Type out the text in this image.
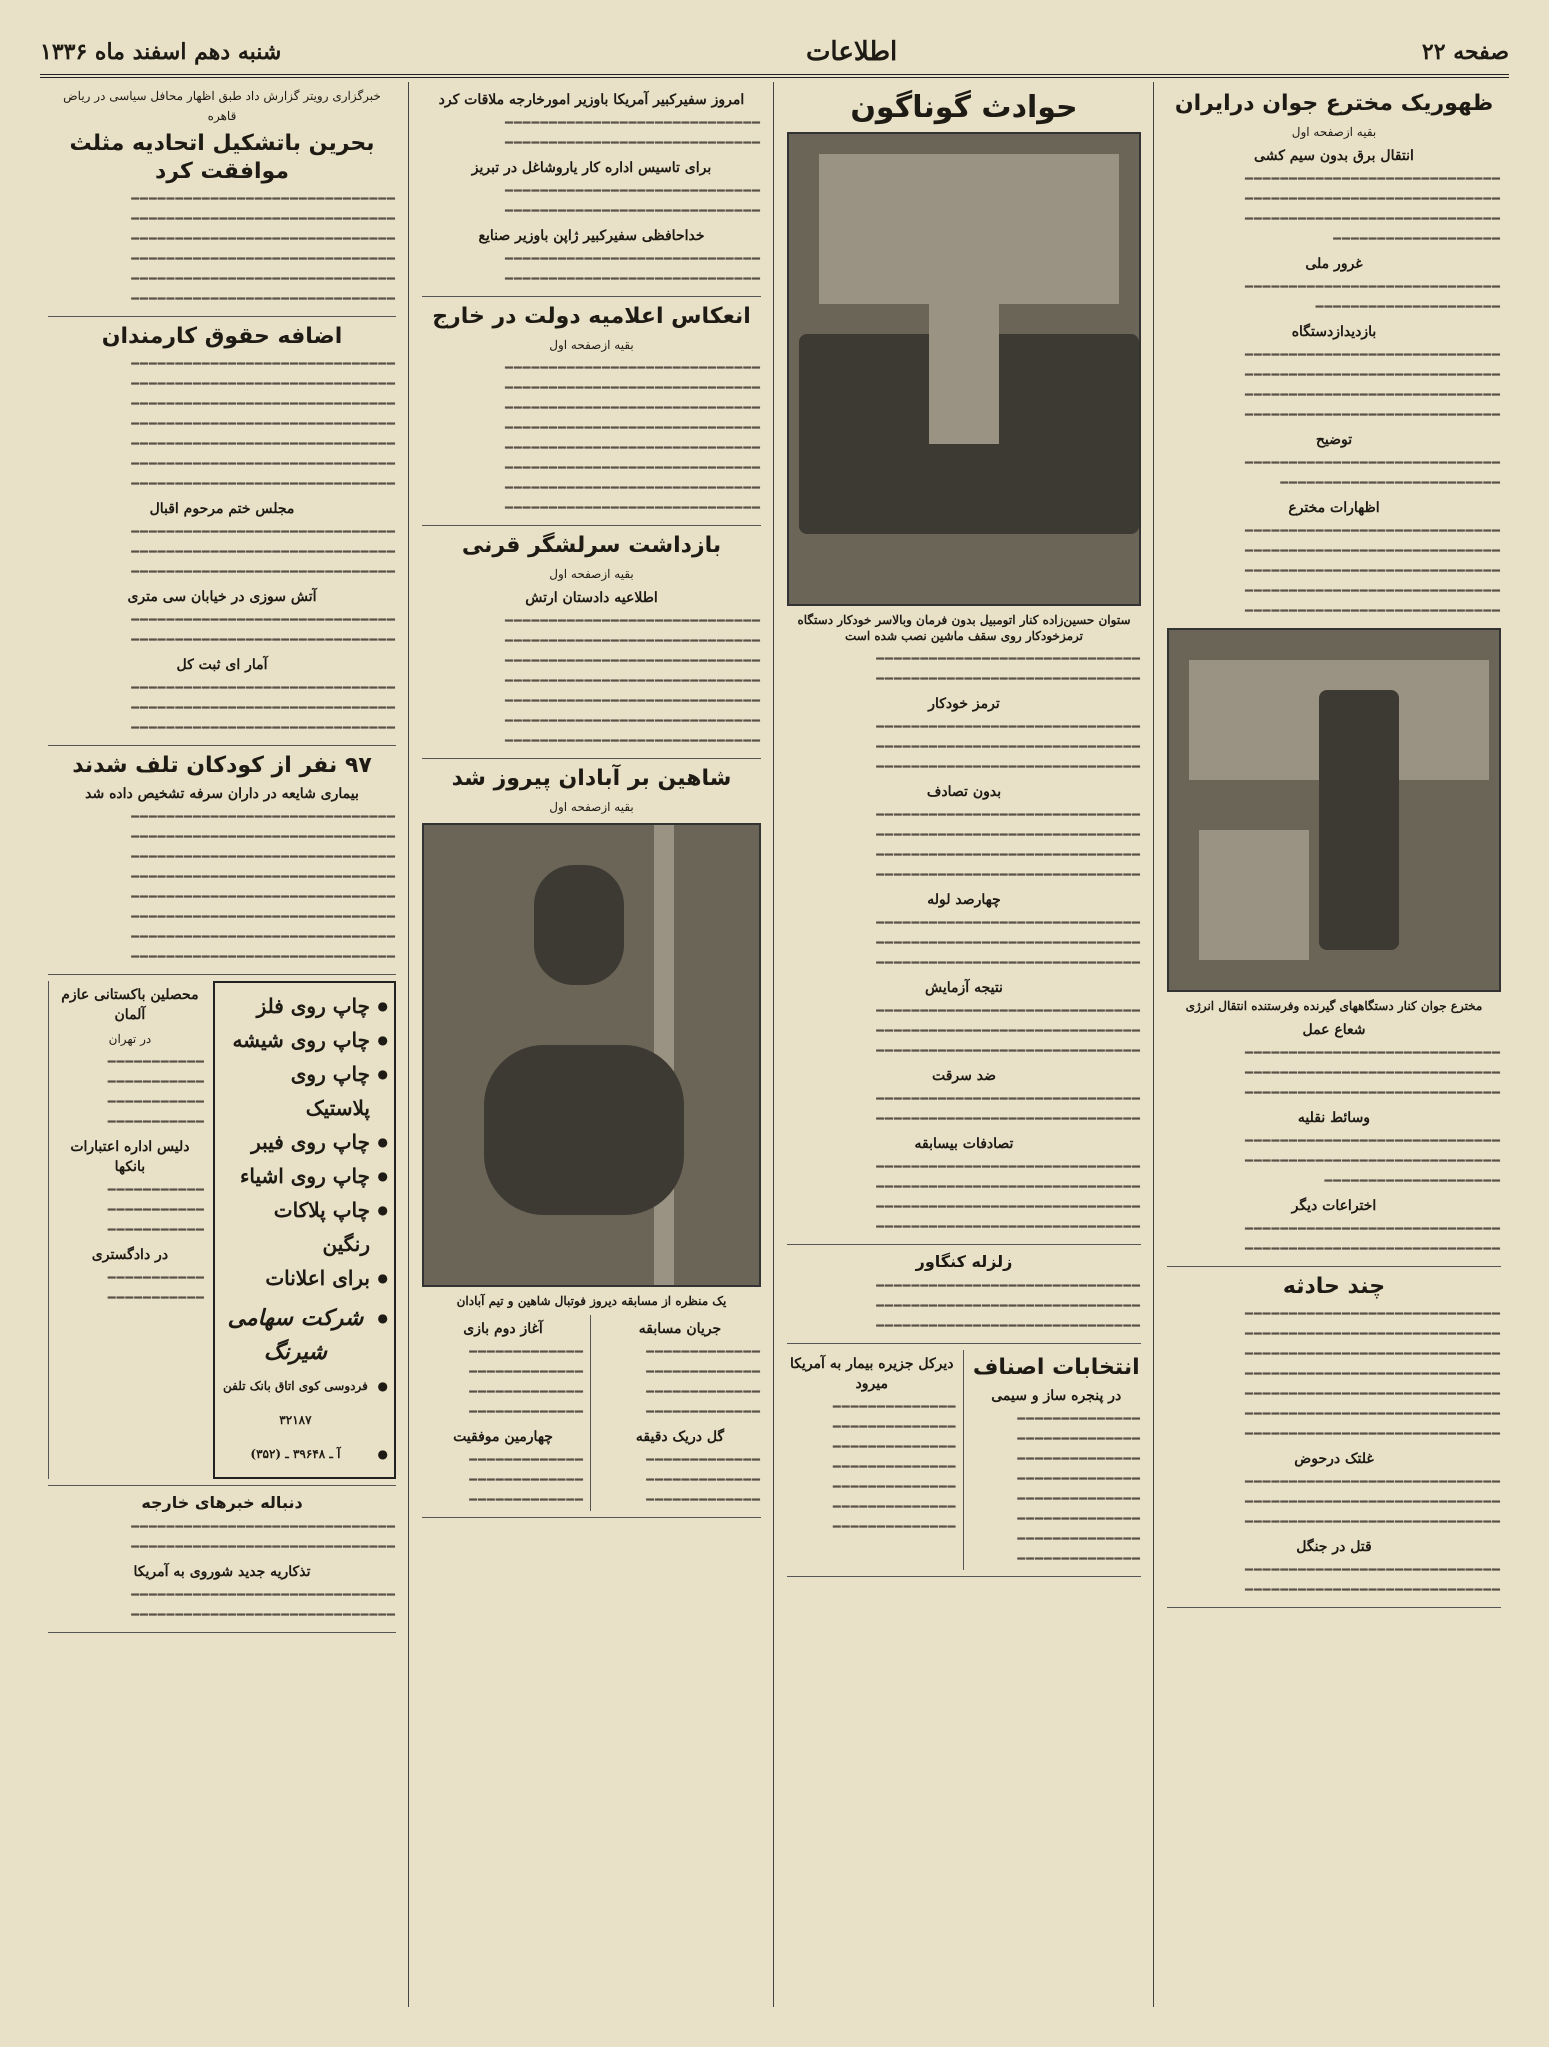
صفحه ۲۲
اطلاعات
شنبه دهم اسفند ماه ۱۳۳۶
ظهوریک مخترع جوان درایران
بقیه ازصفحه اول
انتقال برق بدون سیم کشی
━━━━━━━━━━━━━━━━━━━━━━━━━━━━━
━━━━━━━━━━━━━━━━━━━━━━━━━━━━━
━━━━━━━━━━━━━━━━━━━━━━━━━━━━━
━━━━━━━━━━━━━━━━━━━
غرور ملی
━━━━━━━━━━━━━━━━━━━━━━━━━━━━━
━━━━━━━━━━━━━━━━━━━━━
بازدیدازدستگاه
━━━━━━━━━━━━━━━━━━━━━━━━━━━━━
━━━━━━━━━━━━━━━━━━━━━━━━━━━━━
━━━━━━━━━━━━━━━━━━━━━━━━━━━━━
━━━━━━━━━━━━━━━━━━━━━━━━━━━━━
توضیح
━━━━━━━━━━━━━━━━━━━━━━━━━━━━━
━━━━━━━━━━━━━━━━━━━━━━━━━
اظهارات مخترع
━━━━━━━━━━━━━━━━━━━━━━━━━━━━━
━━━━━━━━━━━━━━━━━━━━━━━━━━━━━
━━━━━━━━━━━━━━━━━━━━━━━━━━━━━
━━━━━━━━━━━━━━━━━━━━━━━━━━━━━
━━━━━━━━━━━━━━━━━━━━━━━━━━━━━
مخترع جوان کنار دستگاههای گیرنده وفرستنده انتقال انرژی
شعاع عمل
━━━━━━━━━━━━━━━━━━━━━━━━━━━━━
━━━━━━━━━━━━━━━━━━━━━━━━━━━━━
━━━━━━━━━━━━━━━━━━━━━━━━━━━━━
وسائط نقلیه
━━━━━━━━━━━━━━━━━━━━━━━━━━━━━
━━━━━━━━━━━━━━━━━━━━━━━━━━━━━
━━━━━━━━━━━━━━━━━━━━
اختراعات دیگر
━━━━━━━━━━━━━━━━━━━━━━━━━━━━━
━━━━━━━━━━━━━━━━━━━━━━━━━━━━━
چند حادثه
━━━━━━━━━━━━━━━━━━━━━━━━━━━━━
━━━━━━━━━━━━━━━━━━━━━━━━━━━━━
━━━━━━━━━━━━━━━━━━━━━━━━━━━━━
━━━━━━━━━━━━━━━━━━━━━━━━━━━━━
━━━━━━━━━━━━━━━━━━━━━━━━━━━━━
━━━━━━━━━━━━━━━━━━━━━━━━━━━━━
━━━━━━━━━━━━━━━━━━━━━━━━━━━━━
غلتک درحوض
━━━━━━━━━━━━━━━━━━━━━━━━━━━━━
━━━━━━━━━━━━━━━━━━━━━━━━━━━━━
━━━━━━━━━━━━━━━━━━━━━━━━━━━━━
قتل در جنگل
━━━━━━━━━━━━━━━━━━━━━━━━━━━━━
━━━━━━━━━━━━━━━━━━━━━━━━━━━━━
حوادث گوناگون
ستوان حسین‌زاده کنار اتومبیل بدون فرمان وبالاسر خودکار دستگاه ترمزخودکار روی سقف ماشین نصب شده است
━━━━━━━━━━━━━━━━━━━━━━━━━━━━━━
━━━━━━━━━━━━━━━━━━━━━━━━━━━━━━
ترمز خودکار
━━━━━━━━━━━━━━━━━━━━━━━━━━━━━━
━━━━━━━━━━━━━━━━━━━━━━━━━━━━━━
━━━━━━━━━━━━━━━━━━━━━━━━━━━━━━
بدون تصادف
━━━━━━━━━━━━━━━━━━━━━━━━━━━━━━
━━━━━━━━━━━━━━━━━━━━━━━━━━━━━━
━━━━━━━━━━━━━━━━━━━━━━━━━━━━━━
━━━━━━━━━━━━━━━━━━━━━━━━━━━━━━
چهارصد لوله
━━━━━━━━━━━━━━━━━━━━━━━━━━━━━━
━━━━━━━━━━━━━━━━━━━━━━━━━━━━━━
━━━━━━━━━━━━━━━━━━━━━━━━━━━━━━
نتیجه آزمایش
━━━━━━━━━━━━━━━━━━━━━━━━━━━━━━
━━━━━━━━━━━━━━━━━━━━━━━━━━━━━━
━━━━━━━━━━━━━━━━━━━━━━━━━━━━━━
ضد سرقت
━━━━━━━━━━━━━━━━━━━━━━━━━━━━━━
━━━━━━━━━━━━━━━━━━━━━━━━━━━━━━
تصادفات بیسابقه
━━━━━━━━━━━━━━━━━━━━━━━━━━━━━━
━━━━━━━━━━━━━━━━━━━━━━━━━━━━━━
━━━━━━━━━━━━━━━━━━━━━━━━━━━━━━
━━━━━━━━━━━━━━━━━━━━━━━━━━━━━━
زلزله کنگاور
━━━━━━━━━━━━━━━━━━━━━━━━━━━━━━
━━━━━━━━━━━━━━━━━━━━━━━━━━━━━━
━━━━━━━━━━━━━━━━━━━━━━━━━━━━━━
انتخابات اصناف
در پنجره ساز و سیمی
━━━━━━━━━━━━━━
━━━━━━━━━━━━━━
━━━━━━━━━━━━━━
━━━━━━━━━━━━━━
━━━━━━━━━━━━━━
━━━━━━━━━━━━━━
━━━━━━━━━━━━━━
━━━━━━━━━━━━━━
دیرکل جزیره بیمار به آمریکا میرود
━━━━━━━━━━━━━━
━━━━━━━━━━━━━━
━━━━━━━━━━━━━━
━━━━━━━━━━━━━━
━━━━━━━━━━━━━━
━━━━━━━━━━━━━━
━━━━━━━━━━━━━━
امروز سفیرکبیر آمریکا باوزیر امورخارجه ملاقات کرد
━━━━━━━━━━━━━━━━━━━━━━━━━━━━━
━━━━━━━━━━━━━━━━━━━━━━━━━━━━━
برای تاسیس اداره کار یاروشاغل در تبریز
━━━━━━━━━━━━━━━━━━━━━━━━━━━━━
━━━━━━━━━━━━━━━━━━━━━━━━━━━━━
خداحافظی سفیرکبیر ژاپن باوزیر صنایع
━━━━━━━━━━━━━━━━━━━━━━━━━━━━━
━━━━━━━━━━━━━━━━━━━━━━━━━━━━━
انعکاس اعلامیه دولت در خارج
بقیه ازصفحه اول
━━━━━━━━━━━━━━━━━━━━━━━━━━━━━
━━━━━━━━━━━━━━━━━━━━━━━━━━━━━
━━━━━━━━━━━━━━━━━━━━━━━━━━━━━
━━━━━━━━━━━━━━━━━━━━━━━━━━━━━
━━━━━━━━━━━━━━━━━━━━━━━━━━━━━
━━━━━━━━━━━━━━━━━━━━━━━━━━━━━
━━━━━━━━━━━━━━━━━━━━━━━━━━━━━
━━━━━━━━━━━━━━━━━━━━━━━━━━━━━
بازداشت سرلشگر قرنی
بقیه ازصفحه اول
اطلاعیه دادستان ارتش
━━━━━━━━━━━━━━━━━━━━━━━━━━━━━
━━━━━━━━━━━━━━━━━━━━━━━━━━━━━
━━━━━━━━━━━━━━━━━━━━━━━━━━━━━
━━━━━━━━━━━━━━━━━━━━━━━━━━━━━
━━━━━━━━━━━━━━━━━━━━━━━━━━━━━
━━━━━━━━━━━━━━━━━━━━━━━━━━━━━
━━━━━━━━━━━━━━━━━━━━━━━━━━━━━
شاهین بر آبادان پیروز شد
بقیه ازصفحه اول
یک منظره از مسابقه دیروز فوتبال شاهین و تیم آبادان
جریان مسابقه
━━━━━━━━━━━━━
━━━━━━━━━━━━━
━━━━━━━━━━━━━
━━━━━━━━━━━━━
گل دریک دقیقه
━━━━━━━━━━━━━
━━━━━━━━━━━━━
━━━━━━━━━━━━━
آغاز دوم بازی
━━━━━━━━━━━━━
━━━━━━━━━━━━━
━━━━━━━━━━━━━
━━━━━━━━━━━━━
چهارمین موفقیت
━━━━━━━━━━━━━
━━━━━━━━━━━━━
━━━━━━━━━━━━━
خبرگزاری رویتر گزارش داد طبق اظهار محافل سیاسی در ریاض قاهره
بحرین باتشکیل اتحادیه مثلث موافقت کرد
━━━━━━━━━━━━━━━━━━━━━━━━━━━━━━
━━━━━━━━━━━━━━━━━━━━━━━━━━━━━━
━━━━━━━━━━━━━━━━━━━━━━━━━━━━━━
━━━━━━━━━━━━━━━━━━━━━━━━━━━━━━
━━━━━━━━━━━━━━━━━━━━━━━━━━━━━━
━━━━━━━━━━━━━━━━━━━━━━━━━━━━━━
اضافه حقوق کارمندان
━━━━━━━━━━━━━━━━━━━━━━━━━━━━━━
━━━━━━━━━━━━━━━━━━━━━━━━━━━━━━
━━━━━━━━━━━━━━━━━━━━━━━━━━━━━━
━━━━━━━━━━━━━━━━━━━━━━━━━━━━━━
━━━━━━━━━━━━━━━━━━━━━━━━━━━━━━
━━━━━━━━━━━━━━━━━━━━━━━━━━━━━━
━━━━━━━━━━━━━━━━━━━━━━━━━━━━━━
مجلس ختم مرحوم اقبال
━━━━━━━━━━━━━━━━━━━━━━━━━━━━━━
━━━━━━━━━━━━━━━━━━━━━━━━━━━━━━
━━━━━━━━━━━━━━━━━━━━━━━━━━━━━━
آتش سوزی در خیابان سی متری
━━━━━━━━━━━━━━━━━━━━━━━━━━━━━━
━━━━━━━━━━━━━━━━━━━━━━━━━━━━━━
آمار ای ثبت کل
━━━━━━━━━━━━━━━━━━━━━━━━━━━━━━
━━━━━━━━━━━━━━━━━━━━━━━━━━━━━━
━━━━━━━━━━━━━━━━━━━━━━━━━━━━━━
۹۷ نفر از کودکان تلف شدند
بیماری شایعه در داران سرفه تشخیص داده شد
━━━━━━━━━━━━━━━━━━━━━━━━━━━━━━
━━━━━━━━━━━━━━━━━━━━━━━━━━━━━━
━━━━━━━━━━━━━━━━━━━━━━━━━━━━━━
━━━━━━━━━━━━━━━━━━━━━━━━━━━━━━
━━━━━━━━━━━━━━━━━━━━━━━━━━━━━━
━━━━━━━━━━━━━━━━━━━━━━━━━━━━━━
━━━━━━━━━━━━━━━━━━━━━━━━━━━━━━
━━━━━━━━━━━━━━━━━━━━━━━━━━━━━━
● چاپ روی فلز
● چاپ روی شیشه
● چاپ روی پلاستیک
● چاپ روی فیبر
● چاپ روی اشیاء
● چاپ پلاکات رنگین
● برای اعلانات
● شرکت سهامی شیرنگ
● فردوسی کوی اتاق بانک تلفن ۳۲۱۸۷
● آ ـ ۳۹۶۴۸ ـ (۳۵۲)
محصلین باکستانی عازم آلمان
در تهران
━━━━━━━━━━━
━━━━━━━━━━━
━━━━━━━━━━━
━━━━━━━━━━━
دلیس اداره اعتبارات بانکها
━━━━━━━━━━━
━━━━━━━━━━━
━━━━━━━━━━━
در دادگستری
━━━━━━━━━━━
━━━━━━━━━━━
دنباله خبرهای خارجه
━━━━━━━━━━━━━━━━━━━━━━━━━━━━━━
━━━━━━━━━━━━━━━━━━━━━━━━━━━━━━
تذکاریه جدید شوروی به آمریکا
━━━━━━━━━━━━━━━━━━━━━━━━━━━━━━
━━━━━━━━━━━━━━━━━━━━━━━━━━━━━━
